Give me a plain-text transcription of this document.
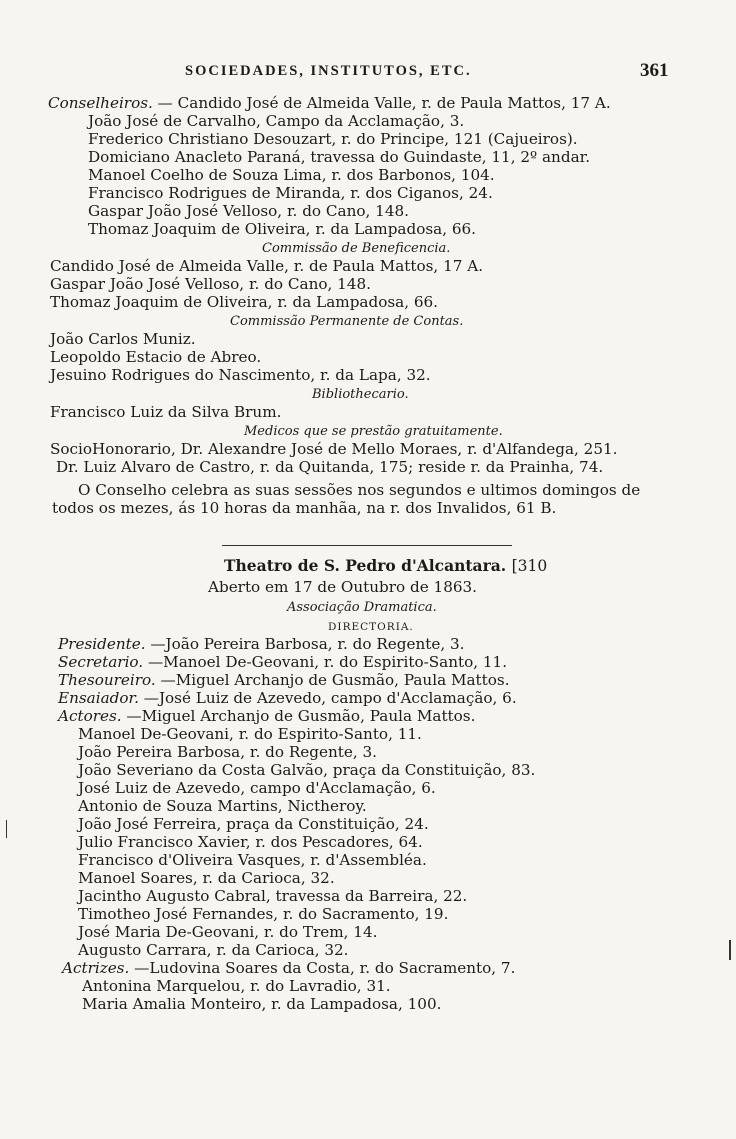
SOCIEDADES, INSTITUTOS, ETC.	361
Conselheiros. — Candido José de Almeida Valle, r. de Paula Mattos, 17 A.
João José de Carvalho, Campo da Acclamação, 3.
Frederico Christiano Desouzart, r. do Principe, 121 (Cajueiros).
Domiciano Anacleto Paraná, travessa do Guindaste, 11, 2º andar.
Manoel Coelho de Souza Lima, r. dos Barbonos, 104.
Francisco Rodrigues de Miranda, r. dos Ciganos, 24.
Gaspar João José Velloso, r. do Cano, 148.
Thomaz Joaquim de Oliveira, r. da Lampadosa, 66.
Commissão de Beneficencia.
Candido José de Almeida Valle, r. de Paula Mattos, 17 A.
Gaspar João José Velloso, r. do Cano, 148.
Thomaz Joaquim de Oliveira, r. da Lampadosa, 66.
Commissão Permanente de Contas.
João Carlos Muniz.
Leopoldo Estacio de Abreo.
Jesuino Rodrigues do Nascimento, r. da Lapa, 32.
Bibliothecario.
Francisco Luiz da Silva Brum.
Medicos que se prestão gratuitamente.
SocioHonorario, Dr. Alexandre José de Mello Moraes, r. d'Alfandega, 251.
Dr. Luiz Alvaro de Castro, r. da Quitanda, 175; reside r. da Prainha, 74.
O Conselho celebra as suas sessões nos segundos e ultimos domingos de
todos os mezes, ás 10 horas da manhãa, na r. dos Invalidos, 61 B.
Theatro de S. Pedro d'Alcantara. [310
Aberto em 17 de Outubro de 1863.
Associação Dramatica.
DIRECTORIA.
Presidente. —João Pereira Barbosa, r. do Regente, 3.
Secretario. —Manoel De-Geovani, r. do Espirito-Santo, 11.
Thesoureiro. —Miguel Archanjo de Gusmão, Paula Mattos.
Ensaiador. —José Luiz de Azevedo, campo d'Acclamação, 6.
Actores. —Miguel Archanjo de Gusmão, Paula Mattos.
Manoel De-Geovani, r. do Espirito-Santo, 11.
João Pereira Barbosa, r. do Regente, 3.
João Severiano da Costa Galvão, praça da Constituição, 83.
José Luiz de Azevedo, campo d'Acclamação, 6.
Antonio de Souza Martins, Nictheroy.
João José Ferreira, praça da Constituição, 24.
Julio Francisco Xavier, r. dos Pescadores, 64.
Francisco d'Oliveira Vasques, r. d'Assembléa.
Manoel Soares, r. da Carioca, 32.
Jacintho Augusto Cabral, travessa da Barreira, 22.
Timotheo José Fernandes, r. do Sacramento, 19.
José Maria De-Geovani, r. do Trem, 14.
Augusto Carrara, r. da Carioca, 32.
Actrizes. —Ludovina Soares da Costa, r. do Sacramento, 7.
Antonina Marquelou, r. do Lavradio, 31.
Maria Amalia Monteiro, r. da Lampadosa, 100.
